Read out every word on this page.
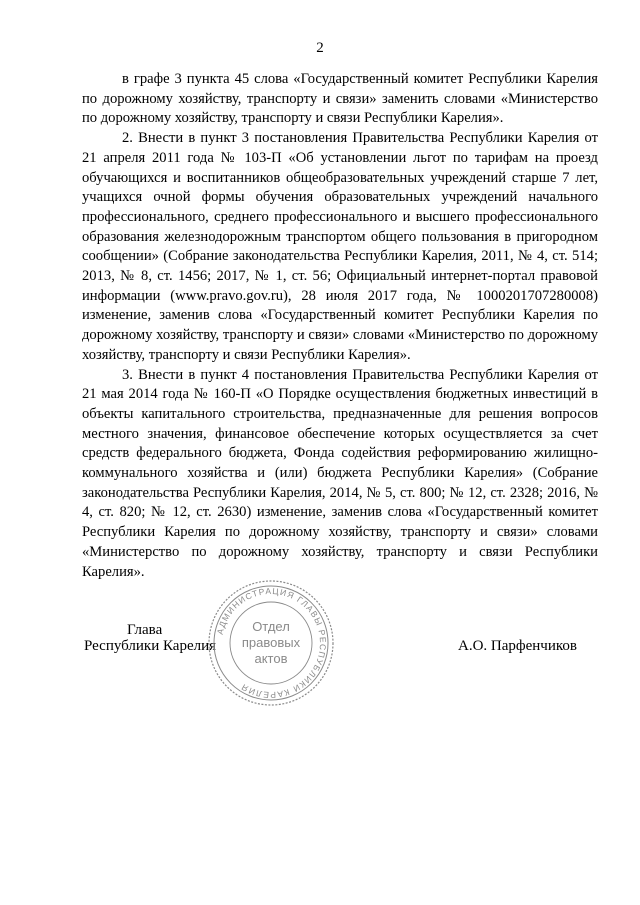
2

в графе 3 пункта 45 слова «Государственный комитет Республики Карелия по дорожному хозяйству, транспорту и связи» заменить словами «Министерство по дорожному хозяйству, транспорту и связи Республики Карелия».

2. Внести в пункт 3 постановления Правительства Республики Карелия от 21 апреля 2011 года № 103-П «Об установлении льгот по тарифам на проезд обучающихся и воспитанников общеобразовательных учреждений старше 7 лет, учащихся очной формы обучения образовательных учреждений начального профессионального, среднего профессионального и высшего профессионального образования железнодорожным транспортом общего пользования в пригородном сообщении» (Собрание законодательства Республики Карелия, 2011, № 4, ст. 514; 2013, № 8, ст. 1456; 2017, № 1, ст. 56; Официальный интернет-портал правовой информации (www.pravo.gov.ru), 28 июля 2017 года, № 1000201707280008) изменение, заменив слова «Государственный комитет Республики Карелия по дорожному хозяйству, транспорту и связи» словами «Министерство по дорожному хозяйству, транспорту и связи Республики Карелия».

3. Внести в пункт 4 постановления Правительства Республики Карелия от 21 мая 2014 года № 160-П «О Порядке осуществления бюджетных инвестиций в объекты капитального строительства, предназначенные для решения вопросов местного значения, финансовое обеспечение которых осуществляется за счет средств федерального бюджета, Фонда содействия реформированию жилищно-коммунального хозяйства и (или) бюджета Республики Карелия» (Собрание законодательства Республики Карелия, 2014, № 5, ст. 800; № 12, ст. 2328; 2016, № 4, ст. 820; № 12, ст. 2630) изменение, заменив слова «Государственный комитет Республики Карелия по дорожному хозяйству, транспорту и связи» словами «Министерство по дорожному хозяйству, транспорту и связи Республики Карелия».

Глава
Республики Карелия	А.О. Парфенчиков
АДМИНИСТРАЦИЯ ГЛАВЫ РЕСПУБЛИКИ КАРЕЛИЯ
Отдел
правовых
актов
